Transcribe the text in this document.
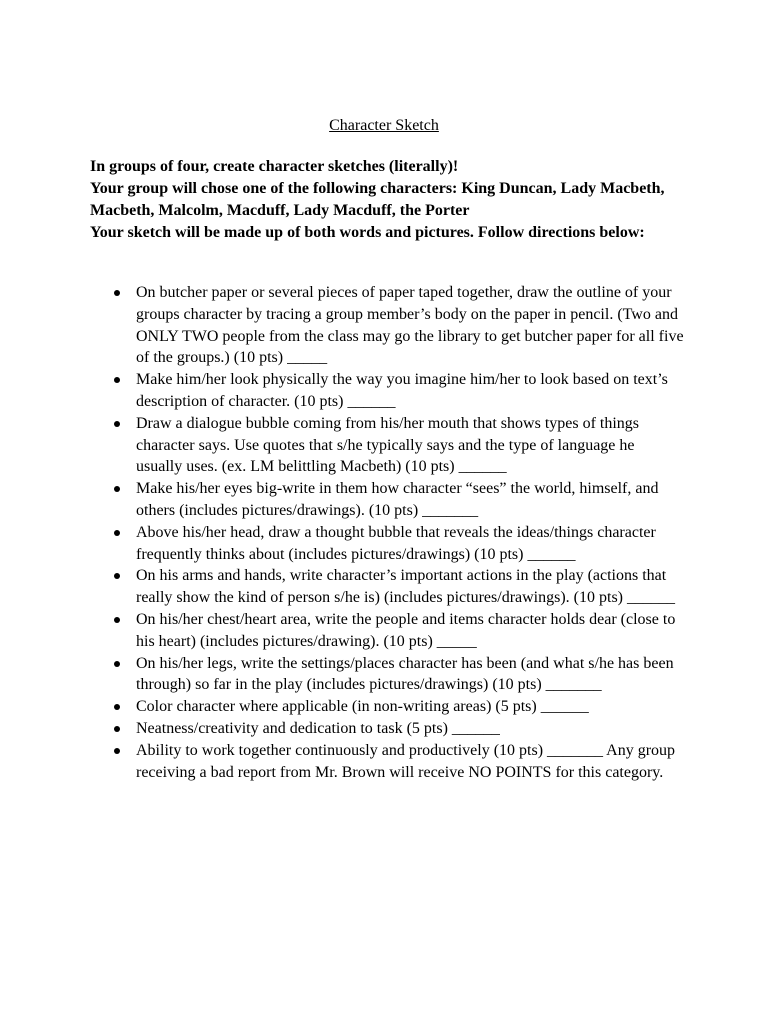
Character Sketch
In groups of four, create character sketches (literally)!
Your group will chose one of the following characters: King Duncan, Lady Macbeth, Macbeth, Malcolm, Macduff, Lady Macduff, the Porter
Your sketch will be made up of both words and pictures. Follow directions below:
On butcher paper or several pieces of paper taped together, draw the outline of your groups character by tracing a group member’s body on the paper in pencil. (Two and ONLY TWO people from the class may go the library to get butcher paper for all five of the groups.) (10 pts) _____
Make him/her look physically the way you imagine him/her to look based on text’s description of character. (10 pts) ______
Draw a dialogue bubble coming from his/her mouth that shows types of things character says. Use quotes that s/he typically says and the type of language he usually uses. (ex. LM belittling Macbeth) (10 pts) ______
Make his/her eyes big-write in them how character “sees” the world, himself, and others (includes pictures/drawings). (10 pts) _______
Above his/her head, draw a thought bubble that reveals the ideas/things character frequently thinks about (includes pictures/drawings) (10 pts) ______
On his arms and hands, write character’s important actions in the play (actions that really show the kind of person s/he is) (includes pictures/drawings). (10 pts) ______
On his/her chest/heart area, write the people and items character holds dear (close to his heart) (includes pictures/drawing). (10 pts) _____
On his/her legs, write the settings/places character has been (and what s/he has been through) so far in the play (includes pictures/drawings) (10 pts) _______
Color character where applicable (in non-writing areas) (5 pts) ______
Neatness/creativity and dedication to task (5 pts) ______
Ability to work together continuously and productively (10 pts) _______ Any group receiving a bad report from Mr. Brown will receive NO POINTS for this category.
